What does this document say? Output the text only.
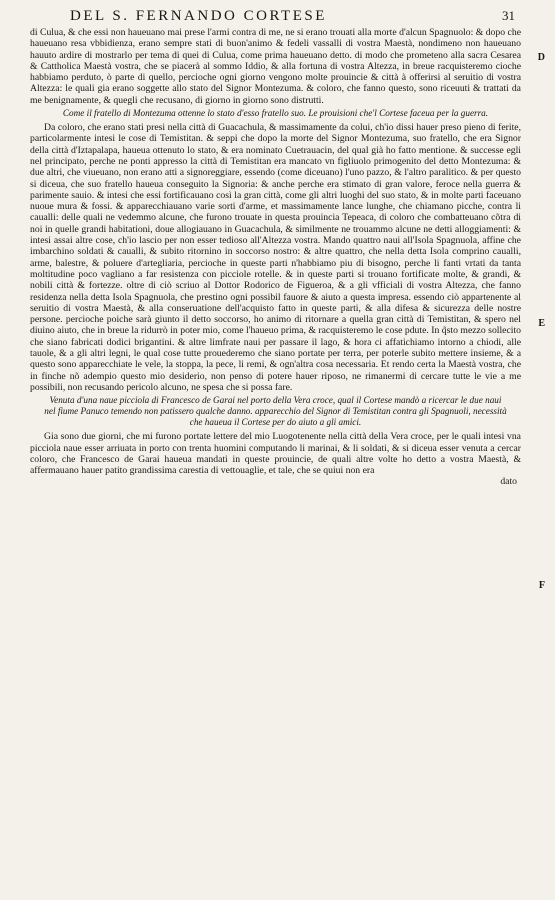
DEL S. FERNANDO CORTESE	31
D
E
F

di Culua, & che essi non haueuano mai prese l'armi contra di me, ne si erano trouati alla morte d'alcun Spagnuolo: & dopo che haueuano resa vbbidienza, erano sempre stati di buon'animo & fedeli vassalli di vostra Maestà, nondimeno non haueuano hauuto ardire di mostrarlo per tema di quei di Culua, come prima haueuano detto. di modo che prometeno alla sacra Cesarea & Cattholica Maestà vostra, che se piacerà al sommo Iddio, & alla fortuna di vostra Altezza, in breue racquisteremo cioche habbiamo perduto, ò parte di quello, percioche ogni giorno vengono molte prouincie & città à offerirsi al seruitio di vostra Altezza: le quali gia erano soggette allo stato del Signor Montezuma. & coloro, che fanno questo, sono riceuuti & trattati da me benignamente, & quegli che recusano, di giorno in giorno sono distrutti.

Come il fratello di Montezuma ottenne lo stato d'esso fratello suo. Le prouisioni che'l Cortese faceua per la guerra.

Da coloro, che erano stati presi nella città di Guacachula, & massimamente da colui, ch'io dissi hauer preso pieno di ferite, particolarmente intesi le cose di Temistitan. & seppi che dopo la morte del Signor Montezuma, suo fratello, che era Signor della città d'Iztapalapa, haueua ottenuto lo stato, & era nominato Cuetrauacin, del qual già ho fatto mentione. & successe egli nel principato, perche ne ponti appresso la città di Temistitan era mancato vn figliuolo primogenito del detto Montezuma: & due altri, che viueuano, non erano atti a signoreggiare, essendo (come diceuano) l'uno pazzo, & l'altro paralitico. & per questo si diceua, che suo fratello haueua conseguito la Signoria: & anche perche era stimato di gran valore, feroce nella guerra & parimente sauio. & intesi che essi fortificauano così la gran città, come gli altri luoghi del suo stato, & in molte parti faceuano nuoue mura & fossi. & apparecchiauano varie sorti d'arme, et massimamente lance lunghe, che chiamano picche, contra li caualli: delle quali ne vedemmo alcune, che furono trouate in questa prouincia Tepeaca, di coloro che combatteuano cõtra di noi in quelle grandi habitationi, doue allogiauano in Guacachula, & similmente ne trouammo alcune ne detti alloggiamenti: & intesi assai altre cose, ch'io lascio per non esser tedioso all'Altezza vostra. Mando quattro naui all'Isola Spagnuola, affine che imbarchino soldati & caualli, & subito ritornino in soccorso nostro: & altre quattro, che nella detta Isola comprino caualli, arme, balestre, & poluere d'artegliaria, percioche in queste parti n'habbiamo piu di bisogno, perche li fanti vrtati da tanta moltitudine poco vagliano a far resistenza con picciole rotelle. & in queste parti si trouano fortificate molte, & grandi, & nobili città & fortezze. oltre di ciò scriuo al Dottor Rodorico de Figueroa, & a gli vfficiali di vostra Altezza, che fanno residenza nella detta Isola Spagnuola, che prestino ogni possibil fauore & aiuto a questa impresa. essendo ciò appartenente al seruitio di vostra Maestà, & alla conseruatione dell'acquisto fatto in queste parti, & alla difesa & sicurezza delle nostre persone. percioche poiche sarà giunto il detto soccorso, ho animo di ritornare a quella gran città di Temistitan, & spero nel diuino aiuto, che in breue la ridurrò in poter mio, come l'haueuo prima, & racquisteremo le cose pdute. In q̃sto mezzo sollecito che siano fabricati dodici brigantini. & altre limfrate naui per passare il lago, & hora ci affatichiamo intorno a chiodi, alle tauole, & a gli altri legni, le qual cose tutte prouederemo che siano portate per terra, per poterle subito mettere insieme, & a questo sono apparecchiate le vele, la stoppa, la pece, li remi, & ogn'altra cosa necessaria. Et rendo certa la Maestà vostra, che in finche nõ adempio questo mio desiderio, non penso di potere hauer riposo, ne rimanermi di cercare tutte le vie a me possibili, non recusando pericolo alcuno, ne spesa che si possa fare.

Venuta d'una naue picciola di Francesco de Garai nel porto della Vera croce, qual il Cortese mandò a ricercar le due naui nel fiume Panuco temendo non patissero qualche danno. apparecchio del Signor di Temistitan contra gli Spagnuoli, necessità che haueua il Cortese per do aiuto a gli amici.

Gia sono due giorni, che mi furono portate lettere del mio Luogotenente nella città della Vera croce, per le quali intesi vna picciola naue esser arriuata in porto con trenta huomini computando li marinai, & li soldati, & si diceua esser venuta a cercar coloro, che Francesco de Garai haueua mandati in queste prouincie, de quali altre volte ho detto a vostra Maestà, & affermauano hauer patito grandissima carestia di vettouaglie, et tale, che se quiui non era

dato
